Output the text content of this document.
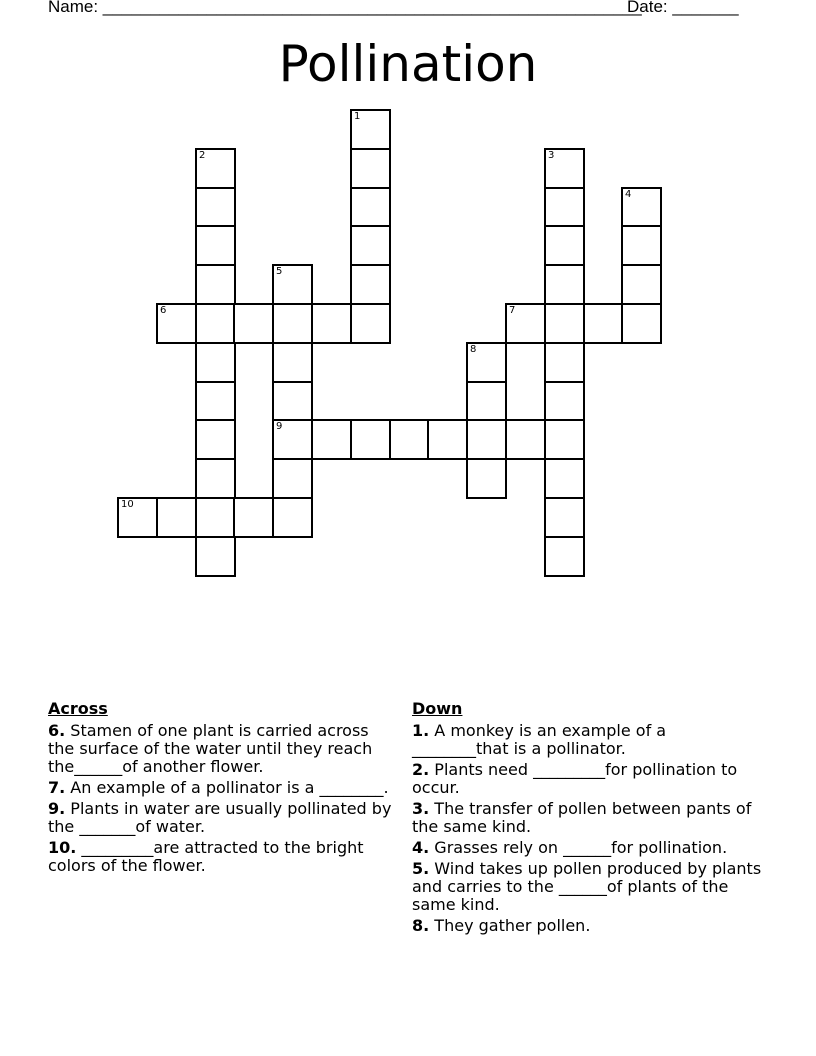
Name: _________________________________________________________
Date: _______
Pollination
1
2	3
4
5
6	7
8
9
10
Across
6. Stamen of one plant is carried across the surface of the water until they reach the______of another flower.
7. An example of a pollinator is a ________.
9. Plants in water are usually pollinated by the _______of water.
10. _________are attracted to the bright colors of the flower.
Down
1. A monkey is an example of a ________that is a pollinator.
2. Plants need _________for pollination to occur.
3. The transfer of pollen between pants of the same kind.
4. Grasses rely on ______for pollination.
5. Wind takes up pollen produced by plants and carries to the ______of plants of the same kind.
8. They gather pollen.
